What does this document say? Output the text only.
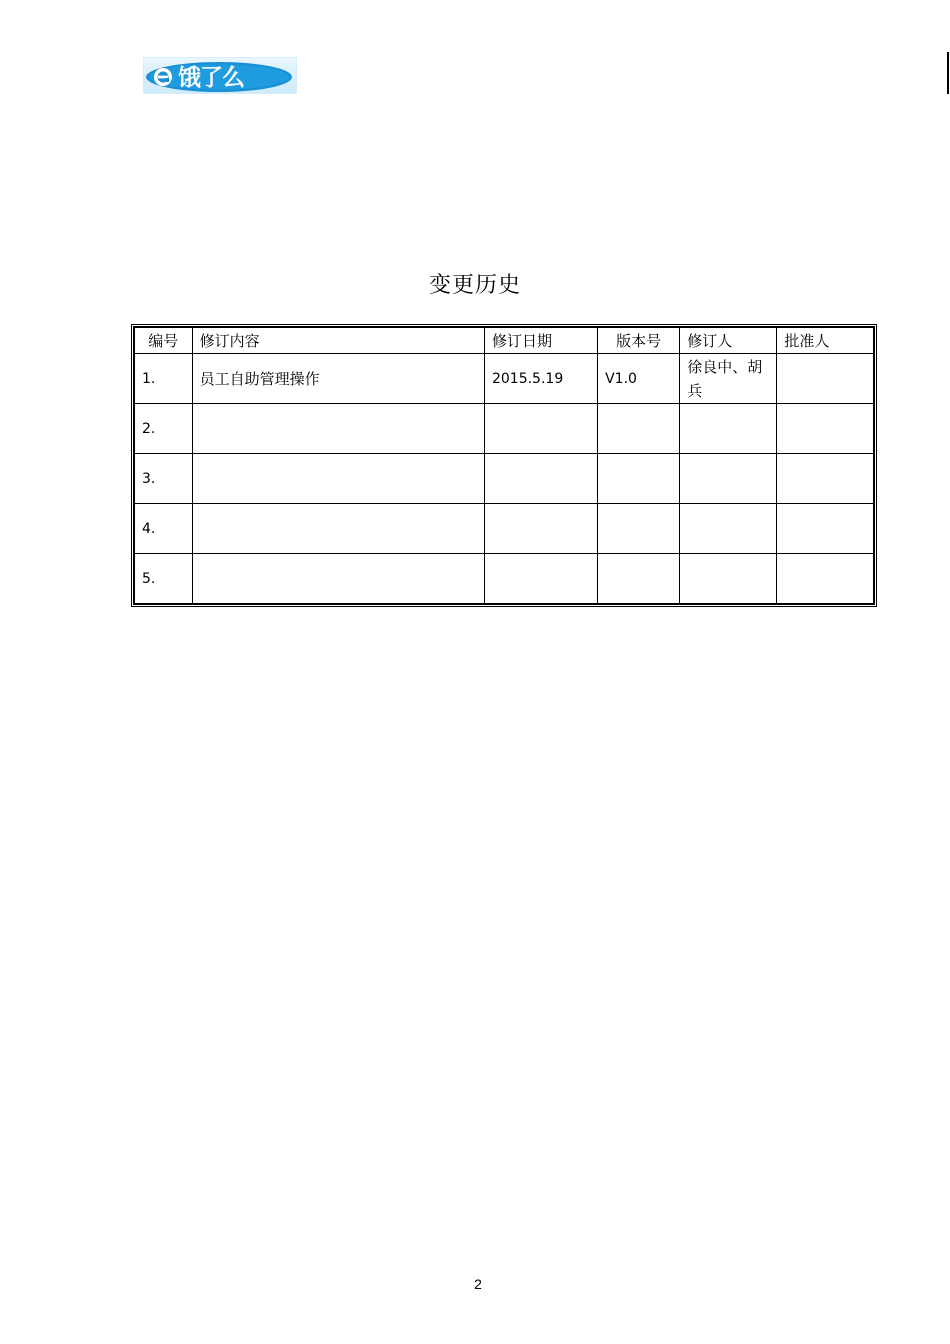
饿了么
变更历史
编号	修订内容	修订日期	版本号	修订人	批准人
1.	员工自助管理操作	2015.5.19	V1.0	徐良中、胡兵	
2.					
3.					
4.					
5.					
2
